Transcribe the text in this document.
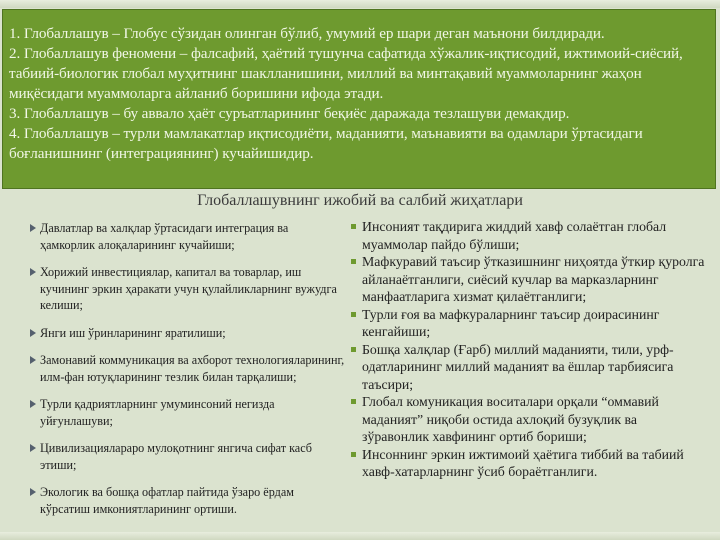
1. Глобаллашув – Глобус сўзидан олинган бўлиб, умумий ер шари деган маънони билдиради.

2. Глобаллашув феномени – фалсафий, ҳаётий тушунча сафатида хўжалик-иқтисодий, ижтимоий-сиёсий, табиий-биологик глобал муҳитнинг шаклланишини, миллий ва минтақавий муаммоларнинг жаҳон миқёсидаги муаммоларга айланиб боришини ифода этади.

3. Глобаллашув – бу аввало ҳаёт суръатларининг беқиёс даражада тезлашуви демакдир.

4. Глобаллашув – турли мамлакатлар иқтисодиёти, маданияти, маънавияти ва одамлари ўртасидаги боғланишнинг (интеграциянинг) кучайишидир.

Глобаллашувнинг ижобий ва салбий жиҳатлари
Давлатлар ва халқлар ўртасидаги интеграция ва ҳамкорлик алоқаларининг кучайиши;
Хорижий инвестициялар, капитал ва товарлар, иш кучининг эркин ҳаракати учун қулайликларнинг вужудга келиши;
Янги иш ўринларининг яратилиши;
Замонавий коммуникация ва ахборот технологияларининг, илм-фан ютуқларининг тезлик билан тарқалиши;
Турли қадриятларнинг умуминсоний негизда уйғунлашуви;
Цивилизацияларaро мулоқотнинг янгича сифат касб этиши;
Экологик ва бошқа офатлар пайтида ўзаро ёрдам кўрсатиш имкониятларининг ортиши.
Инсоният тақдирига жиддий хавф солаётган глобал муаммолар пайдо бўлиши;
Мафкуравий таъсир ўтказишнинг ниҳоятда ўткир қуролга айланаётганлиги, сиёсий кучлар ва марказларнинг манфаатларига хизмат қилаётганлиги;
Турли ғоя ва мафкураларнинг таъсир доирасининг кенгайиши;
Бошқа халқлар (Ғарб) миллий маданияти, тили, урф-одатларининг миллий маданият ва ёшлар тарбиясига таъсири;
Глобал комуникация воситалари орқали “оммавий маданият” ниқоби остида ахлоқий бузуқлик ва зўравонлик хавфининг ортиб бориши;
Инсоннинг эркин ижтимоий ҳаётига тиббий ва табиий хавф-хатарларнинг ўсиб бораётганлиги.
